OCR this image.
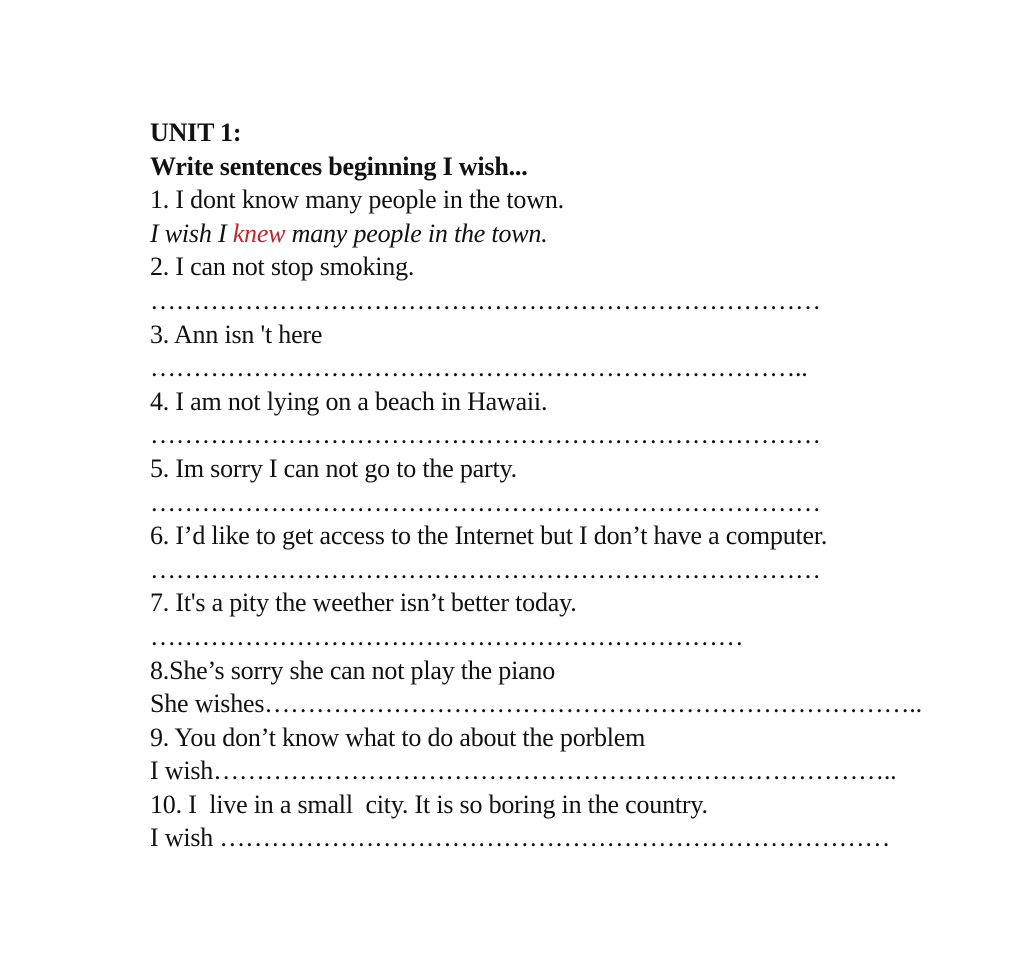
UNIT 1:
Write sentences beginning I wish...
1. I dont know many people in the town.
I wish I knew many people in the town.
2. I can not stop smoking.
……………………………………………………………………
3. Ann isn 't here
…………………………………………………………………..
4. I am not lying on a beach in Hawaii.
……………………………………………………………………
5. Im sorry I can not go to the party.
……………………………………………………………………
6. I’d like to get access to the Internet but I don’t have a computer.
……………………………………………………………………
7. It's a pity the weether isn’t better today.
……………………………………………………………
8.She’s sorry she can not play the piano
She wishes…………………………………………………………………..
9. You don’t know what to do about the porblem
I wish……………………………………………………………………..
10. I  live in a small  city. It is so boring in the country.
I wish ……………………………………………………………………
